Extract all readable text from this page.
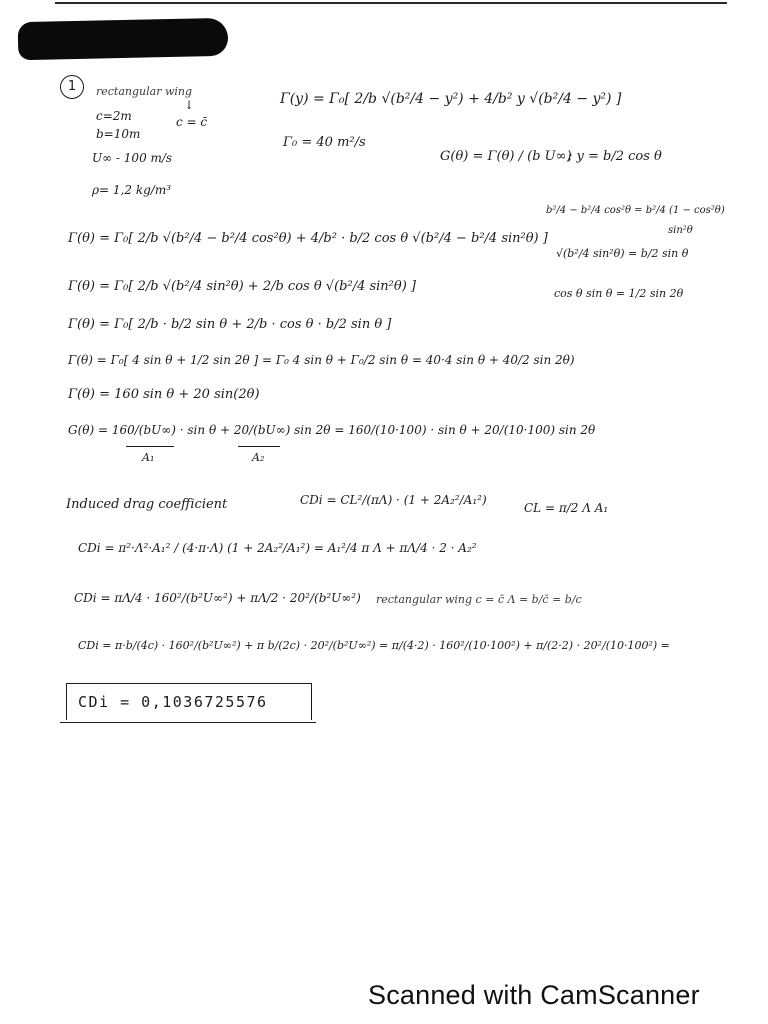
1	rectangular wing
c=2m
↓
c = c̄
b=10m
U∞ - 100 m/s
ρ= 1,2 kg/m³
Γ(y) = Γ₀[ 2/b √(b²/4 − y²) + 4/b² y √(b²/4 − y²) ]
Γ₀ = 40 m²/s
G(θ) = Γ(θ) / (b U∞)
; y = b/2 cos θ
b²/4 − b²/4 cos²θ = b²/4 (1 − cos²θ)
sin²θ
√(b²/4 sin²θ) = b/2 sin θ
cos θ sin θ = 1/2 sin 2θ
Γ(θ) = Γ₀[ 2/b √(b²/4 − b²/4 cos²θ) + 4/b² · b/2 cos θ √(b²/4 − b²/4 sin²θ) ]
Γ(θ) = Γ₀[ 2/b √(b²/4 sin²θ) + 2/b cos θ √(b²/4 sin²θ) ]
Γ(θ) = Γ₀[ 2/b · b/2 sin θ + 2/b · cos θ · b/2 sin θ ]
Γ(θ) = Γ₀[ 4 sin θ + 1/2 sin 2θ ] = Γ₀ 4 sin θ + Γ₀/2 sin θ = 40·4 sin θ + 40/2 sin 2θ)
Γ(θ) = 160 sin θ + 20 sin(2θ)
G(θ) = 160/(bU∞) · sin θ + 20/(bU∞) sin 2θ = 160/(10·100) · sin θ + 20/(10·100) sin 2θ
A₁	A₂
Induced drag coefficient	CDi = CL²/(πΛ) · (1 + 2A₂²/A₁²)
CL = π/2 Λ A₁
CDi = π²·Λ²·A₁² / (4·π·Λ) (1 + 2A₂²/A₁²) = A₁²/4 π Λ + πΛ/4 · 2 · A₂²
CDi = πΛ/4 · 160²/(b²U∞²) + πΛ/2 · 20²/(b²U∞²) rectangular wing c = c̄ Λ = b/c̄ = b/c
CDi = π·b/(4c) · 160²/(b²U∞²) + π b/(2c) · 20²/(b²U∞²) = π/(4·2) · 160²/(10·100²) + π/(2·2) · 20²/(10·100²) =
CDi = 0,1036725576
Scanned with CamScanner
